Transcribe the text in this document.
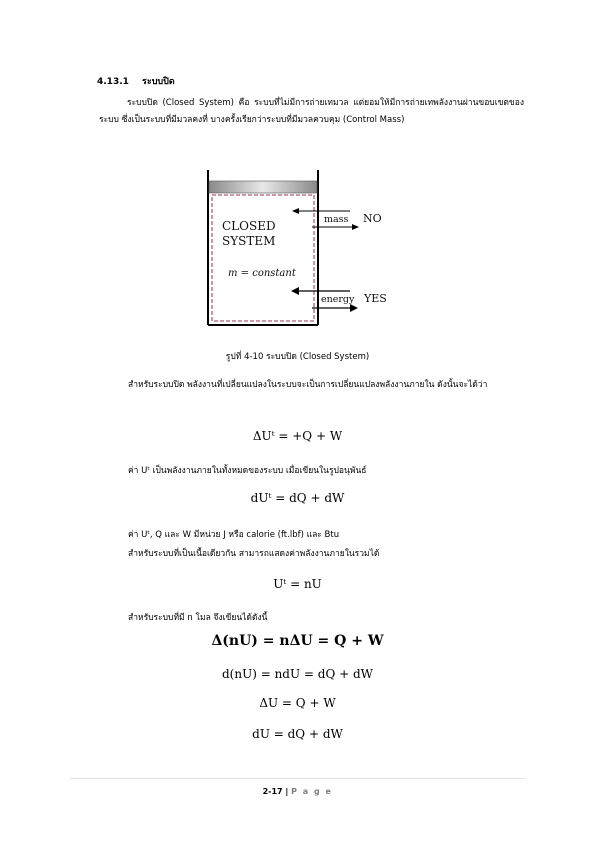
4.13.1 ระบบปิด
ระบบปิด (Closed System) คือ ระบบที่ไม่มีการถ่ายเทมวล แต่ยอมให้มีการถ่ายเทพลังงานผ่านขอบเขตของระบบ ซึ่งเป็นระบบที่มีมวลคงที่ บางครั้งเรียกว่าระบบที่มีมวลควบคุม (Control Mass)
CLOSED
SYSTEM
m = constant
mass NO
energy YES
รูปที่ 4-10 ระบบปิด (Closed System)
สำหรับระบบปิด พลังงานที่เปลี่ยนแปลงในระบบจะเป็นการเปลี่ยนแปลงพลังงานภายใน ดังนั้นจะได้ว่า
ΔUᵗ = +Q + W
ค่า Uᵗ เป็นพลังงานภายในทั้งหมดของระบบ เมื่อเขียนในรูปอนุพันธ์
dUᵗ = dQ + dW
ค่า Uᵗ, Q และ W มีหน่วย J หรือ calorie (ft.lbf) และ Btu
สำหรับระบบที่เป็นเนื้อเดียวกัน สามารถแสดงค่าพลังงานภายในรวมได้
Uᵗ = nU
สำหรับระบบที่มี n โมล จึงเขียนได้ดังนี้
Δ(nU) = nΔU = Q + W
d(nU) = ndU = dQ + dW
ΔU = Q + W
dU = dQ + dW
2-17 | P a g e
